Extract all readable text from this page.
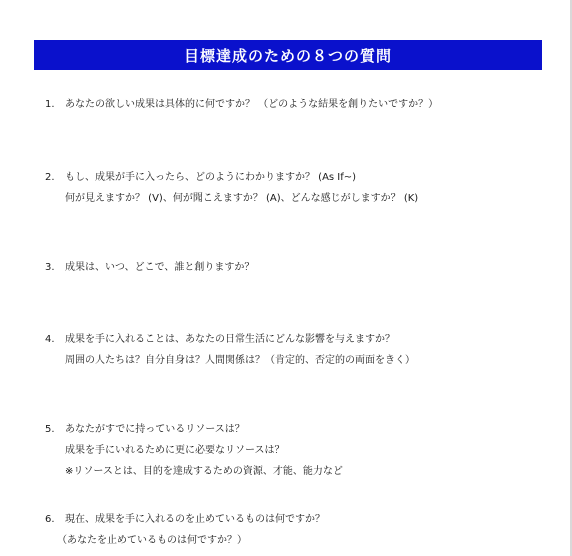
目標達成のための８つの質問
1.	あなたの欲しい成果は具体的に何ですか？ （どのような結果を創りたいですか？）
2.	もし、成果が手に入ったら、どのようにわかりますか？ (As If~)
何が見えますか？ (V)、何が聞こえますか？ (A)、どんな感じがしますか？ (K)
3.	成果は、いつ、どこで、誰と創りますか？
4.	成果を手に入れることは、あなたの日常生活にどんな影響を与えますか？
周囲の人たちは？自分自身は？人間関係は？（肯定的、否定的の両面をきく）
5.	あなたがすでに持っているリソースは？
成果を手にいれるために更に必要なリソースは？
※リソースとは、目的を達成するための資源、才能、能力など
6.	現在、成果を手に入れるのを止めているものは何ですか？
（あなたを止めているものは何ですか？）
